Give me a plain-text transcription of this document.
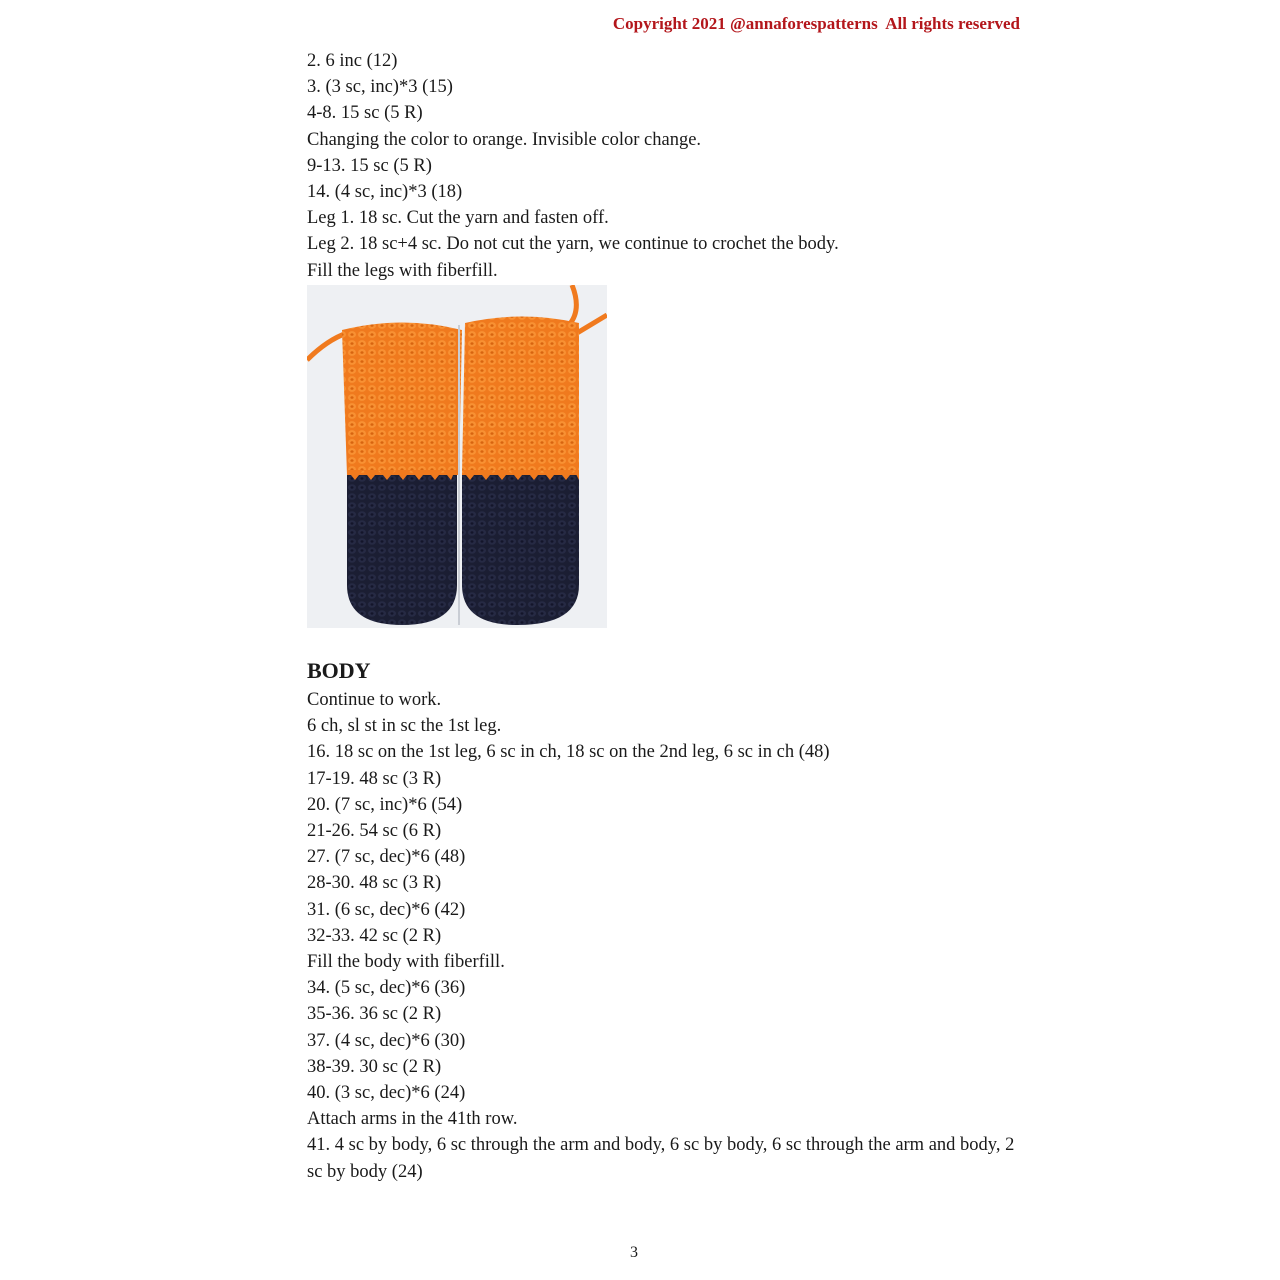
Copyright 2021 @annaforespatterns  All rights reserved
2. 6 inc (12)
3. (3 sc, inc)*3 (15)
4-8. 15 sc (5 R)
Changing the color to orange. Invisible color change.
9-13. 15 sc (5 R)
14. (4 sc, inc)*3 (18)
Leg 1. 18 sc. Cut the yarn and fasten off.
Leg 2. 18 sc+4 sc. Do not cut the yarn, we continue to crochet the body.
Fill the legs with fiberfill.
BODY
Continue to work.
6 ch, sl st in sc the 1st leg.
16. 18 sc on the 1st leg, 6 sc in ch, 18 sc on the 2nd leg, 6 sc in ch (48)
17-19. 48 sc (3 R)
20. (7 sc, inc)*6 (54)
21-26. 54 sc (6 R)
27. (7 sc, dec)*6 (48)
28-30. 48 sc (3 R)
31. (6 sc, dec)*6 (42)
32-33. 42 sc (2 R)
Fill the body with fiberfill.
34. (5 sc, dec)*6 (36)
35-36. 36 sc (2 R)
37. (4 sc, dec)*6 (30)
38-39. 30 sc (2 R)
40. (3 sc, dec)*6 (24)
Attach arms in the 41th row.
41. 4 sc by body, 6 sc through the arm and body, 6 sc by body, 6 sc through the arm and body, 2 sc by body (24)
3
